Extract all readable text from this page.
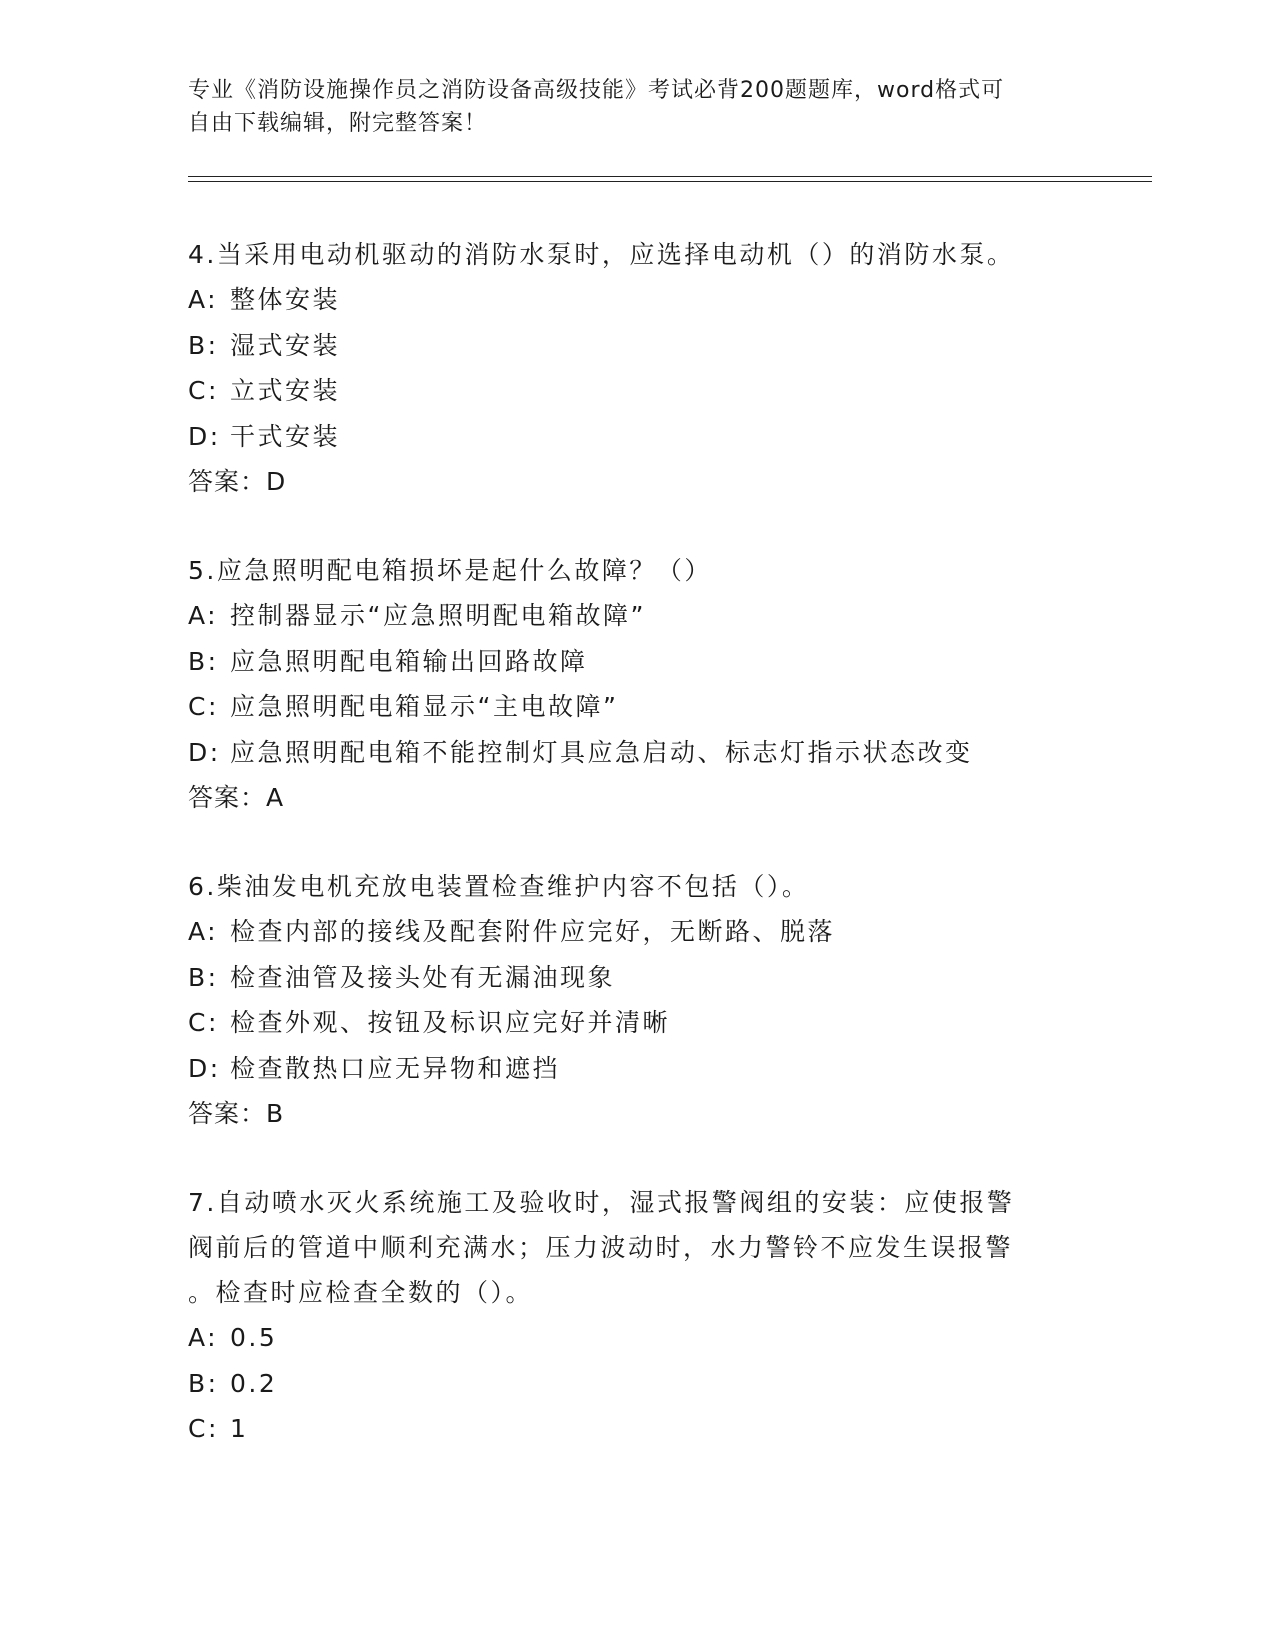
专业《消防设施操作员之消防设备高级技能》考试必背200题题库，word格式可
自由下载编辑，附完整答案！
4.当采用电动机驱动的消防水泵时，应选择电动机（）的消防水泵。
A: 整体安装
B: 湿式安装
C: 立式安装
D: 干式安装
答案：D
5.应急照明配电箱损坏是起什么故障？（）
A: 控制器显示“应急照明配电箱故障”
B: 应急照明配电箱输出回路故障
C: 应急照明配电箱显示“主电故障”
D: 应急照明配电箱不能控制灯具应急启动、标志灯指示状态改变
答案：A
6.柴油发电机充放电装置检查维护内容不包括（）。
A: 检查内部的接线及配套附件应完好，无断路、脱落
B: 检查油管及接头处有无漏油现象
C: 检查外观、按钮及标识应完好并清晰
D: 检查散热口应无异物和遮挡
答案：B
7.自动喷水灭火系统施工及验收时，湿式报警阀组的安装：应使报警
阀前后的管道中顺利充满水；压力波动时，水力警铃不应发生误报警
。检查时应检查全数的（）。
A: 0.5
B: 0.2
C: 1
